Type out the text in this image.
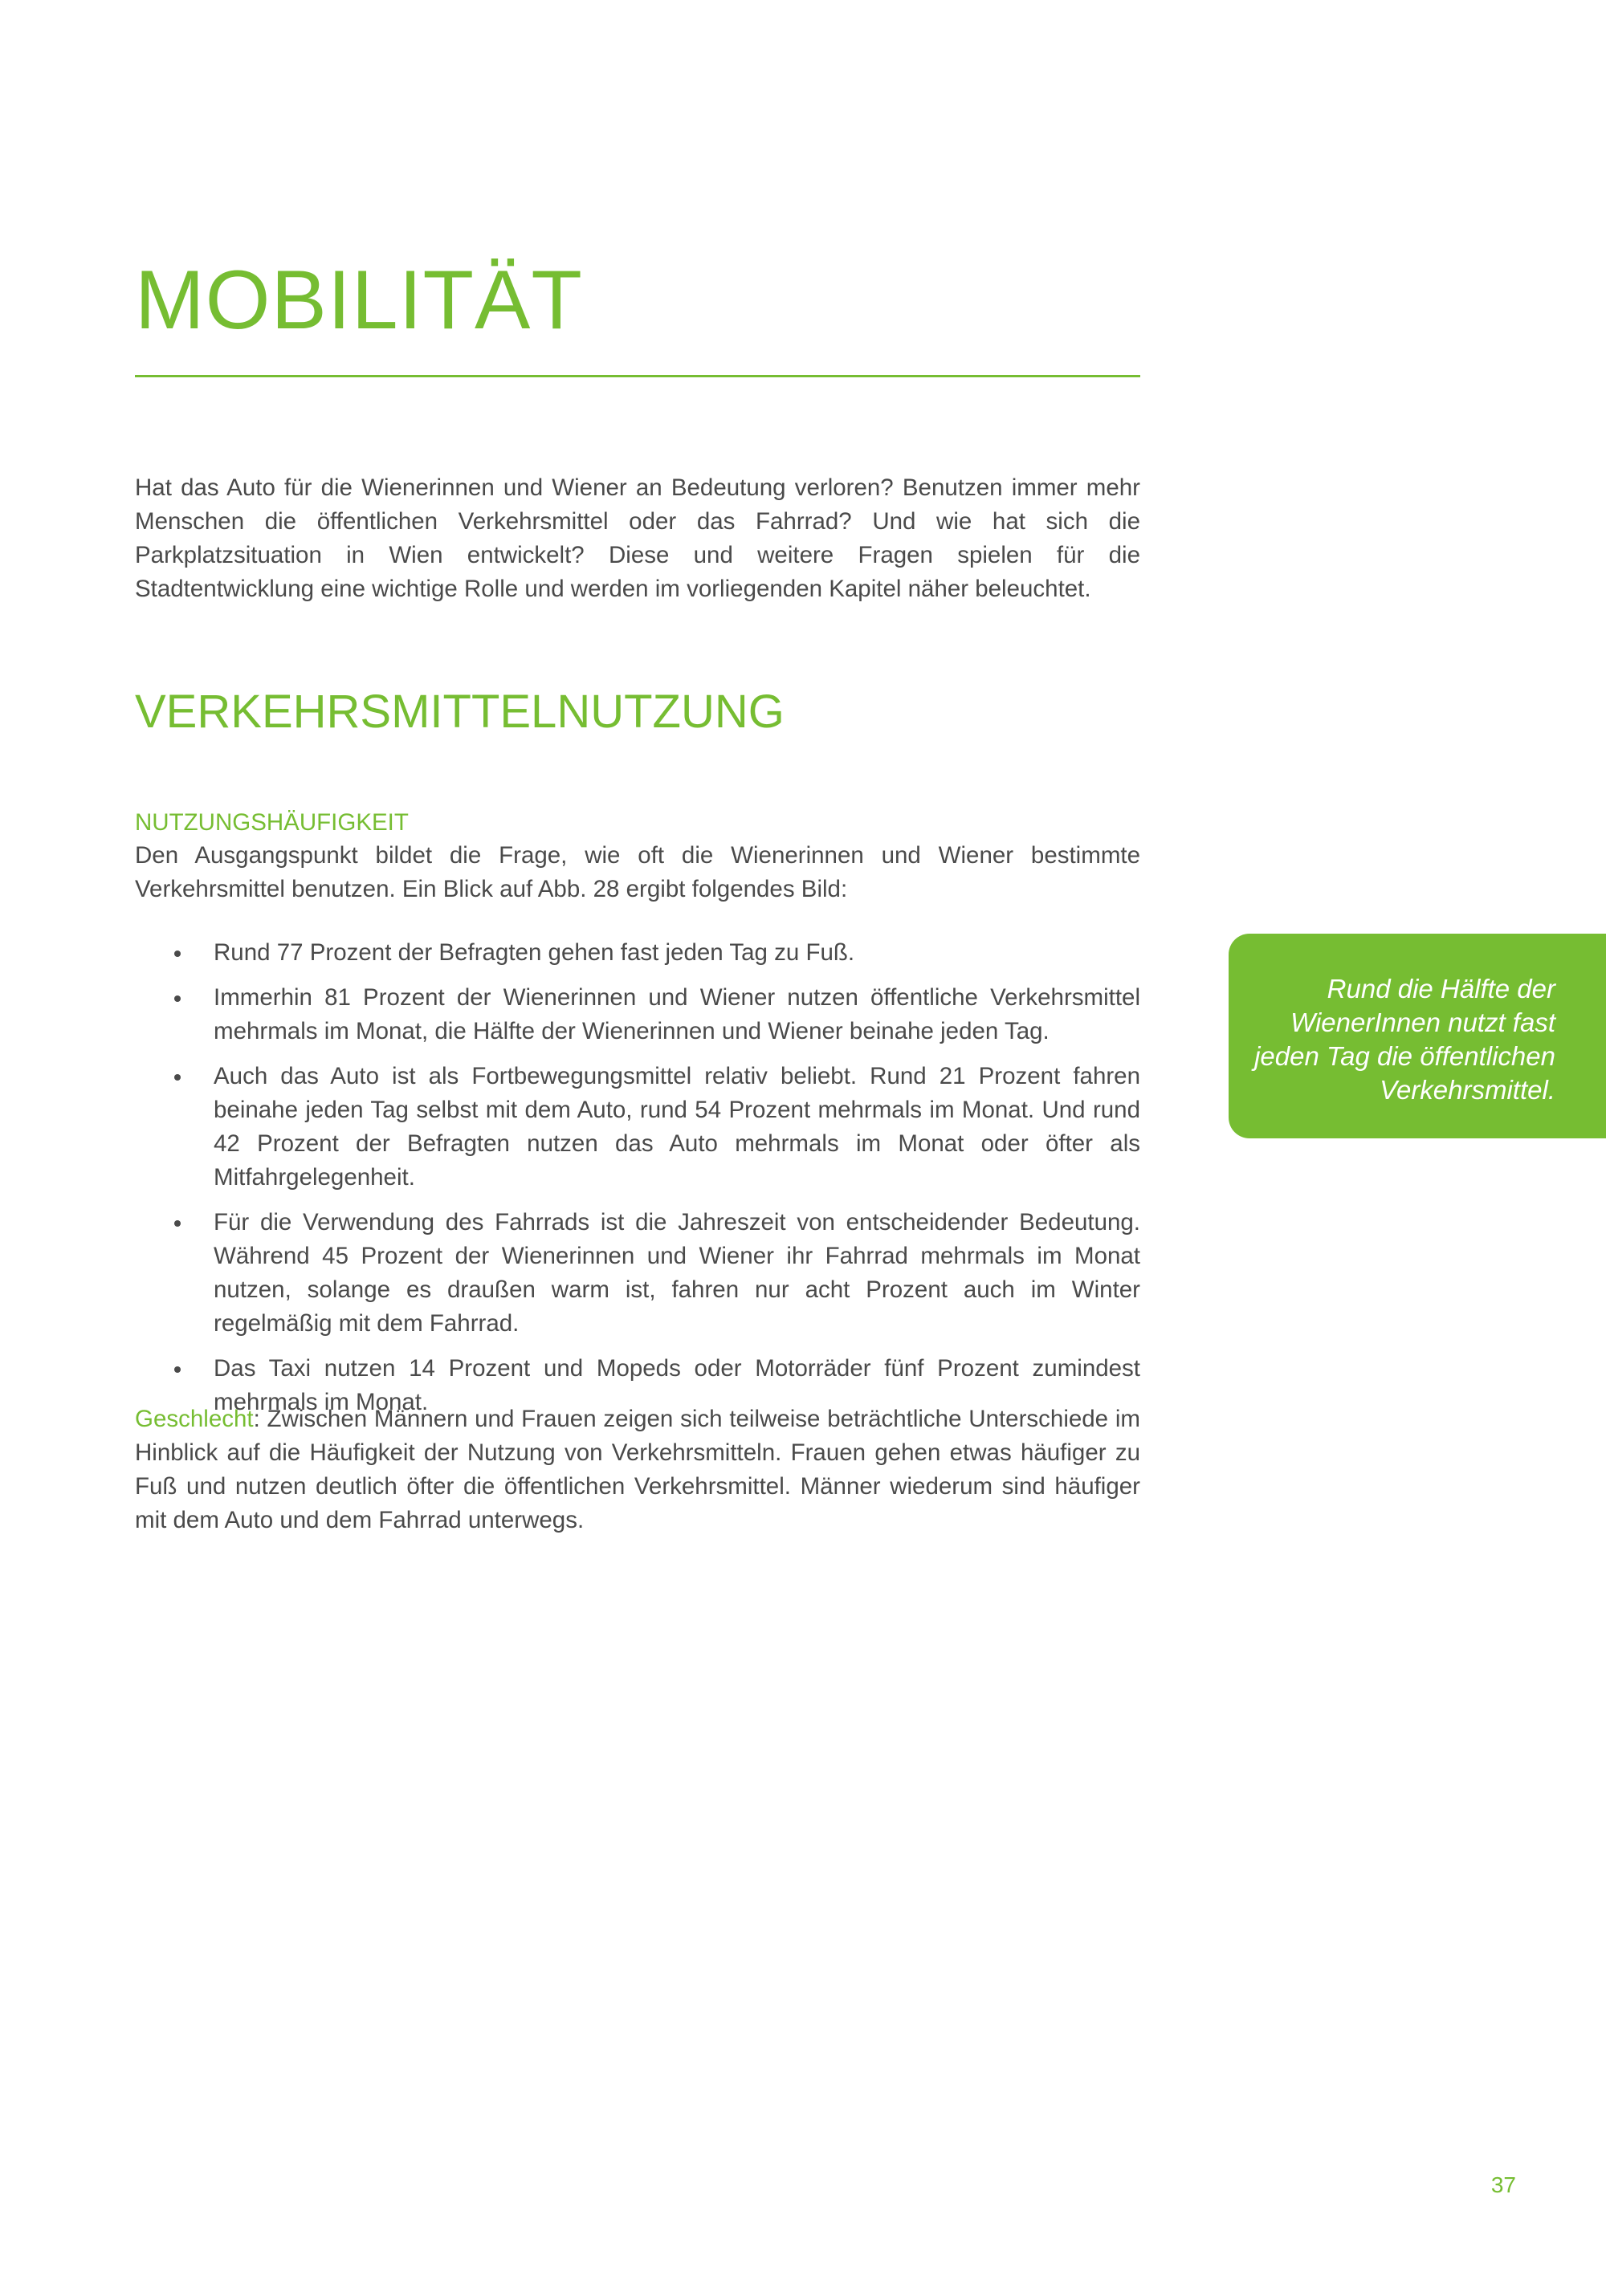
MOBILITÄT

Hat das Auto für die Wienerinnen und Wiener an Bedeutung verloren? Benutzen immer mehr Menschen die öffentlichen Verkehrsmittel oder das Fahrrad? Und wie hat sich die Parkplatzsituation in Wien entwickelt? Diese und weitere Fragen spielen für die Stadtentwicklung eine wichtige Rolle und werden im vorliegenden Kapitel näher beleuchtet.

VERKEHRSMITTELNUTZUNG
NUTZUNGSHÄUFIGKEIT

Den Ausgangspunkt bildet die Frage, wie oft die Wienerinnen und Wiener bestimmte Verkehrsmittel benutzen. Ein Blick auf Abb. 28 ergibt folgendes Bild:

Rund 77 Prozent der Befragten gehen fast jeden Tag zu Fuß.
Immerhin 81 Prozent der Wienerinnen und Wiener nutzen öffentliche Verkehrsmittel mehrmals im Monat, die Hälfte der Wienerinnen und Wiener beinahe jeden Tag.
Auch das Auto ist als Fortbewegungsmittel relativ beliebt. Rund 21 Prozent fahren beinahe jeden Tag selbst mit dem Auto, rund 54 Prozent mehrmals im Monat. Und rund 42 Prozent der Befragten nutzen das Auto mehrmals im Monat oder öfter als Mitfahrgelegenheit.
Für die Verwendung des Fahrrads ist die Jahreszeit von entscheidender Bedeutung. Während 45 Prozent der Wienerinnen und Wiener ihr Fahrrad mehrmals im Monat nutzen, solange es draußen warm ist, fahren nur acht Prozent auch im Winter regelmäßig mit dem Fahrrad.
Das Taxi nutzen 14 Prozent und Mopeds oder Motorräder fünf Prozent zumindest mehrmals im Monat.

Geschlecht: Zwischen Männern und Frauen zeigen sich teilweise beträchtliche Unterschiede im Hinblick auf die Häufigkeit der Nutzung von Verkehrsmitteln. Frauen gehen etwas häufiger zu Fuß und nutzen deutlich öfter die öffentlichen Verkehrsmittel. Männer wiederum sind häufiger mit dem Auto und dem Fahrrad unterwegs.

Rund die Hälfte der WienerInnen nutzt fast jeden Tag die öffentlichen Verkehrsmittel.

37
